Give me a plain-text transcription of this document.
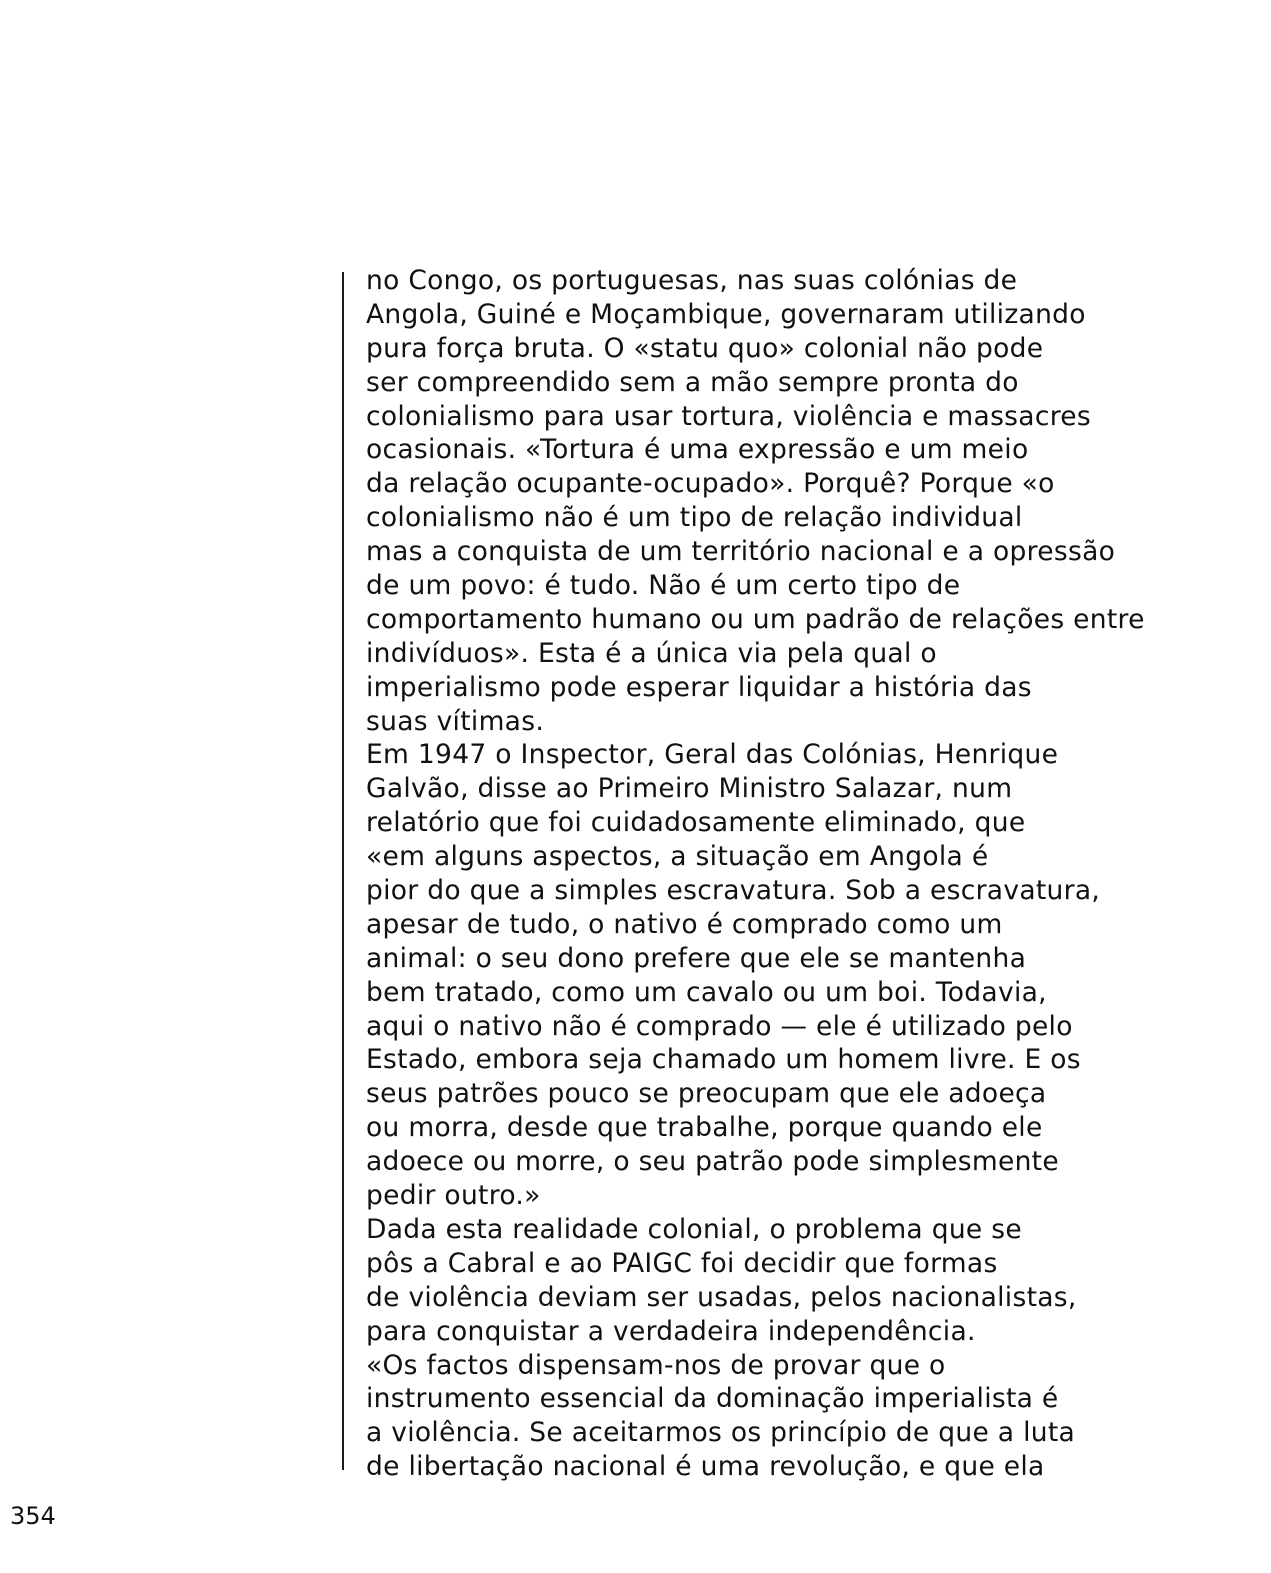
no Congo, os portuguesas, nas suas colónias de
Angola, Guiné e Moçambique, governaram utilizando
pura força bruta. O «statu quo» colonial não pode
ser compreendido sem a mão sempre pronta do
colonialismo para usar tortura, violência e massacres
ocasionais. «Tortura é uma expressão e um meio
da relação ocupante-ocupado». Porquê? Porque «o
colonialismo não é um tipo de relação individual
mas a conquista de um território nacional e a opressão
de um povo: é tudo. Não é um certo tipo de
comportamento humano ou um padrão de relações entre
indivíduos». Esta é a única via pela qual o
imperialismo pode esperar liquidar a história das
suas vítimas.
Em 1947 o Inspector, Geral das Colónias, Henrique
Galvão, disse ao Primeiro Ministro Salazar, num
relatório que foi cuidadosamente eliminado, que
«em alguns aspectos, a situação em Angola é
pior do que a simples escravatura. Sob a escravatura,
apesar de tudo, o nativo é comprado como um
animal: o seu dono prefere que ele se mantenha
bem tratado, como um cavalo ou um boi. Todavia,
aqui o nativo não é comprado — ele é utilizado pelo
Estado, embora seja chamado um homem livre. E os
seus patrões pouco se preocupam que ele adoeça
ou morra, desde que trabalhe, porque quando ele
adoece ou morre, o seu patrão pode simplesmente
pedir outro.»
Dada esta realidade colonial, o problema que se
pôs a Cabral e ao PAIGC foi decidir que formas
de violência deviam ser usadas, pelos nacionalistas,
para conquistar a verdadeira independência.
«Os factos dispensam-nos de provar que o
instrumento essencial da dominação imperialista é
a violência. Se aceitarmos os princípio de que a luta
de libertação nacional é uma revolução, e que ela
354
